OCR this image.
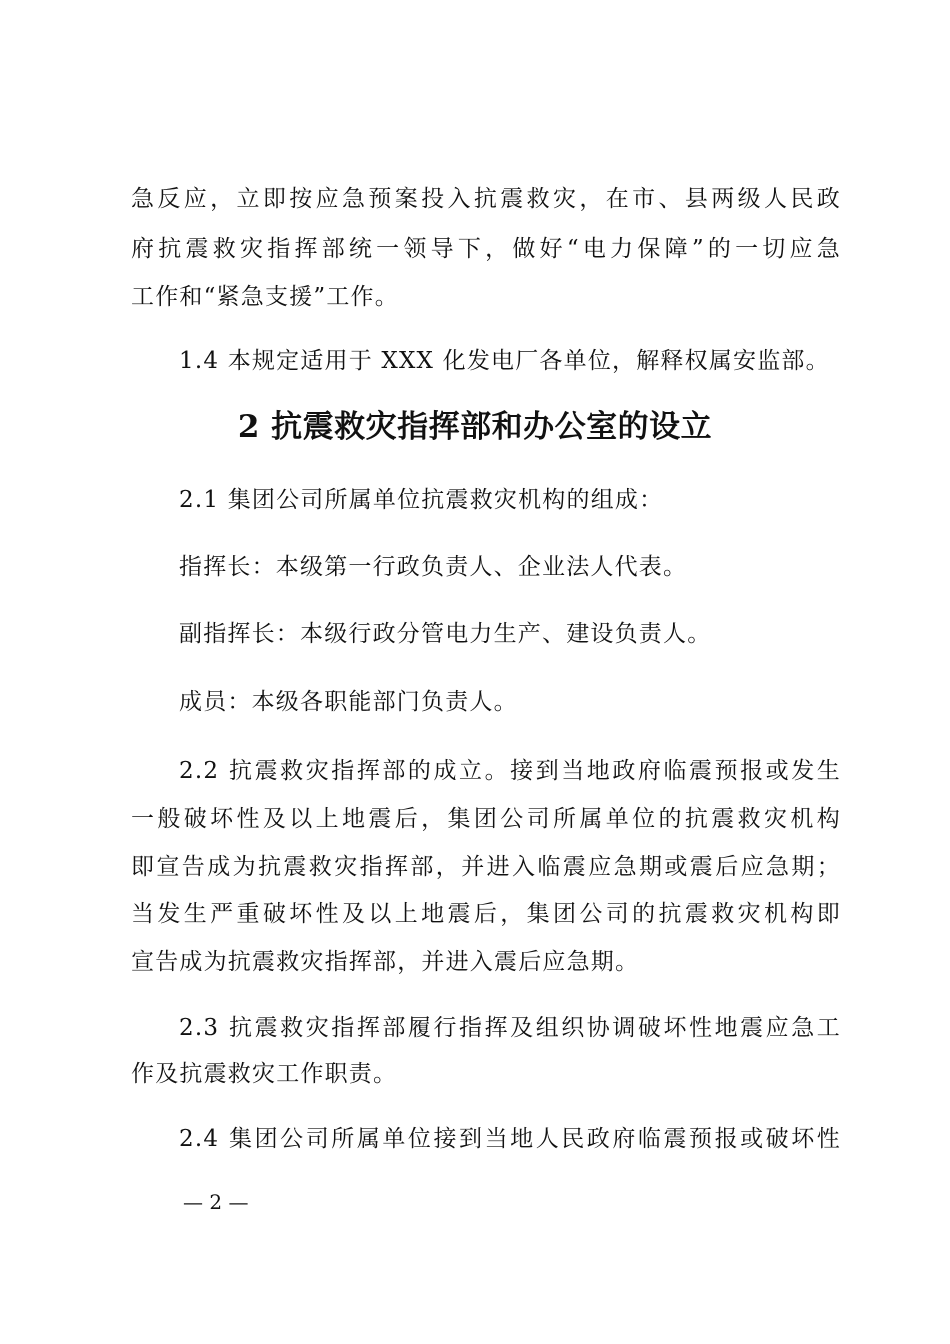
急反应，立即按应急预案投入抗震救灾，在市、县两级人民政
府抗震救灾指挥部统一领导下，做好“电力保障”的一切应急
工作和“紧急支援”工作。
1.4 本规定适用于 XXX 化发电厂各单位，解释权属安监部。
2 抗震救灾指挥部和办公室的设立
2.1 集团公司所属单位抗震救灾机构的组成：
指挥长：本级第一行政负责人、企业法人代表。
副指挥长：本级行政分管电力生产、建设负责人。
成员：本级各职能部门负责人。
2.2 抗震救灾指挥部的成立。接到当地政府临震预报或发生
一般破坏性及以上地震后，集团公司所属单位的抗震救灾机构
即宣告成为抗震救灾指挥部，并进入临震应急期或震后应急期；
当发生严重破坏性及以上地震后，集团公司的抗震救灾机构即
宣告成为抗震救灾指挥部，并进入震后应急期。
2.3 抗震救灾指挥部履行指挥及组织协调破坏性地震应急工
作及抗震救灾工作职责。
2.4 集团公司所属单位接到当地人民政府临震预报或破坏性
— 2 —
